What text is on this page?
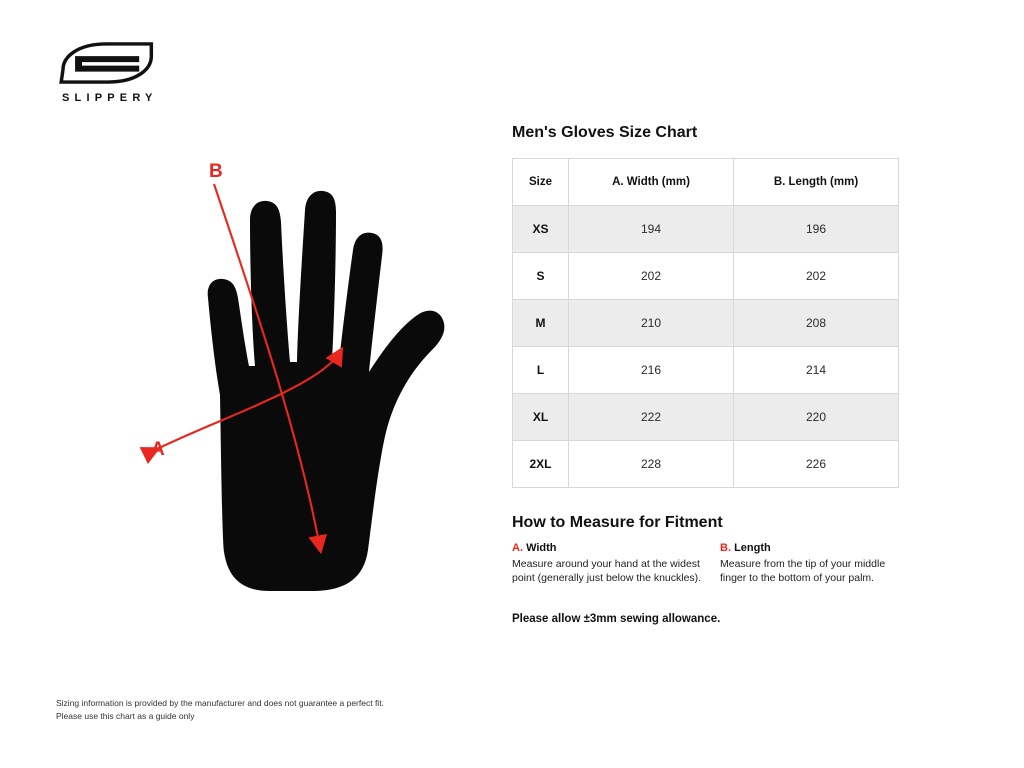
SLIPPERY
B
A
Men's Gloves Size Chart
Size	A. Width (mm)	B. Length (mm)
XS	194	196
S	202	202
M	210	208
L	216	214
XL	222	220
2XL	228	226
How to Measure for Fitment
A. Width
Measure around your hand at the widest point (generally just below the knuckles).
B. Length
Measure from the tip of your middle finger to the bottom of your palm.
Please allow ±3mm sewing allowance.
Sizing information is provided by the manufacturer and does not guarantee a perfect fit.
Please use this chart as a guide only
